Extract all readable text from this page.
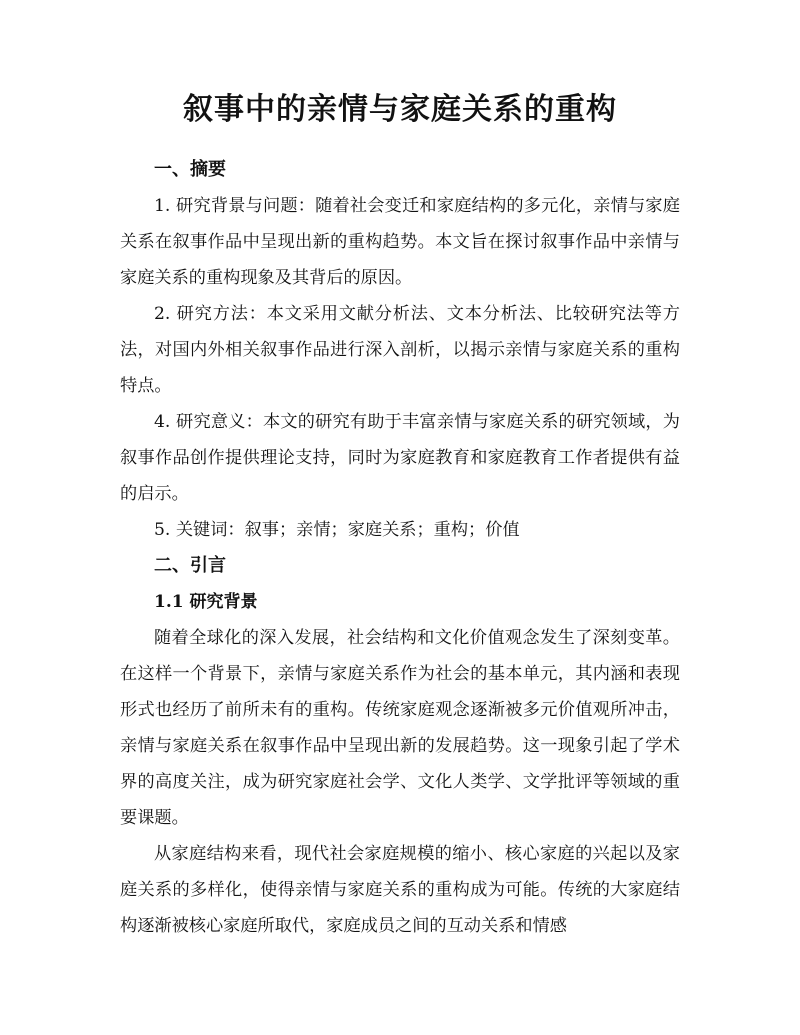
叙事中的亲情与家庭关系的重构
一、摘要

1. 研究背景与问题：随着社会变迁和家庭结构的多元化，亲情与家庭关系在叙事作品中呈现出新的重构趋势。本文旨在探讨叙事作品中亲情与家庭关系的重构现象及其背后的原因。

2. 研究方法：本文采用文献分析法、文本分析法、比较研究法等方法，对国内外相关叙事作品进行深入剖析，以揭示亲情与家庭关系的重构特点。

4. 研究意义：本文的研究有助于丰富亲情与家庭关系的研究领域，为叙事作品创作提供理论支持，同时为家庭教育和家庭教育工作者提供有益的启示。

5. 关键词：叙事；亲情；家庭关系；重构；价值

二、引言
1.1 研究背景

随着全球化的深入发展，社会结构和文化价值观念发生了深刻变革。在这样一个背景下，亲情与家庭关系作为社会的基本单元，其内涵和表现形式也经历了前所未有的重构。传统家庭观念逐渐被多元价值观所冲击，亲情与家庭关系在叙事作品中呈现出新的发展趋势。这一现象引起了学术界的高度关注，成为研究家庭社会学、文化人类学、文学批评等领域的重要课题。

从家庭结构来看，现代社会家庭规模的缩小、核心家庭的兴起以及家庭关系的多样化，使得亲情与家庭关系的重构成为可能。传统的大家庭结构逐渐被核心家庭所取代，家庭成员之间的互动关系和情感
